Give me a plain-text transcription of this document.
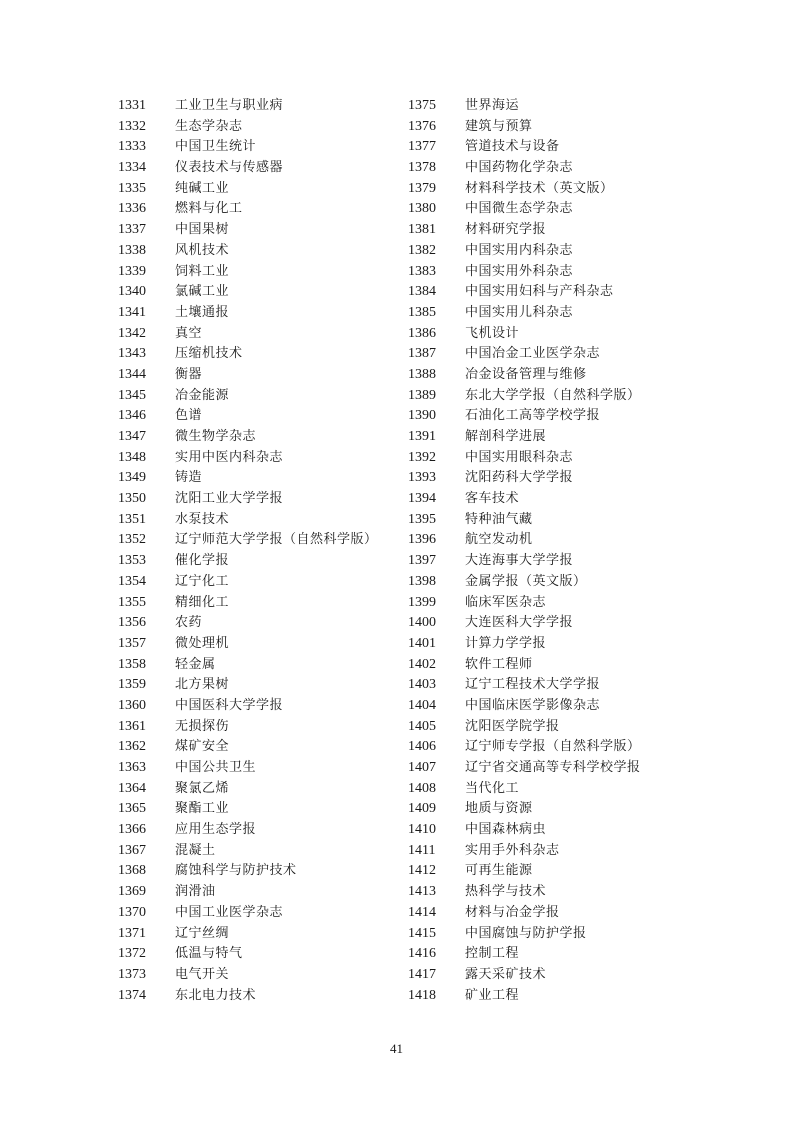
1331	工业卫生与职业病
1332	生态学杂志
1333	中国卫生统计
1334	仪表技术与传感器
1335	纯碱工业
1336	燃料与化工
1337	中国果树
1338	风机技术
1339	饲料工业
1340	氯碱工业
1341	土壤通报
1342	真空
1343	压缩机技术
1344	衡器
1345	冶金能源
1346	色谱
1347	微生物学杂志
1348	实用中医内科杂志
1349	铸造
1350	沈阳工业大学学报
1351	水泵技术
1352	辽宁师范大学学报（自然科学版）
1353	催化学报
1354	辽宁化工
1355	精细化工
1356	农药
1357	微处理机
1358	轻金属
1359	北方果树
1360	中国医科大学学报
1361	无损探伤
1362	煤矿安全
1363	中国公共卫生
1364	聚氯乙烯
1365	聚酯工业
1366	应用生态学报
1367	混凝土
1368	腐蚀科学与防护技术
1369	润滑油
1370	中国工业医学杂志
1371	辽宁丝绸
1372	低温与特气
1373	电气开关
1374	东北电力技术
1375	世界海运
1376	建筑与预算
1377	管道技术与设备
1378	中国药物化学杂志
1379	材料科学技术（英文版）
1380	中国微生态学杂志
1381	材料研究学报
1382	中国实用内科杂志
1383	中国实用外科杂志
1384	中国实用妇科与产科杂志
1385	中国实用儿科杂志
1386	飞机设计
1387	中国冶金工业医学杂志
1388	冶金设备管理与维修
1389	东北大学学报（自然科学版）
1390	石油化工高等学校学报
1391	解剖科学进展
1392	中国实用眼科杂志
1393	沈阳药科大学学报
1394	客车技术
1395	特种油气藏
1396	航空发动机
1397	大连海事大学学报
1398	金属学报（英文版）
1399	临床军医杂志
1400	大连医科大学学报
1401	计算力学学报
1402	软件工程师
1403	辽宁工程技术大学学报
1404	中国临床医学影像杂志
1405	沈阳医学院学报
1406	辽宁师专学报（自然科学版）
1407	辽宁省交通高等专科学校学报
1408	当代化工
1409	地质与资源
1410	中国森林病虫
1411	实用手外科杂志
1412	可再生能源
1413	热科学与技术
1414	材料与冶金学报
1415	中国腐蚀与防护学报
1416	控制工程
1417	露天采矿技术
1418	矿业工程
41
